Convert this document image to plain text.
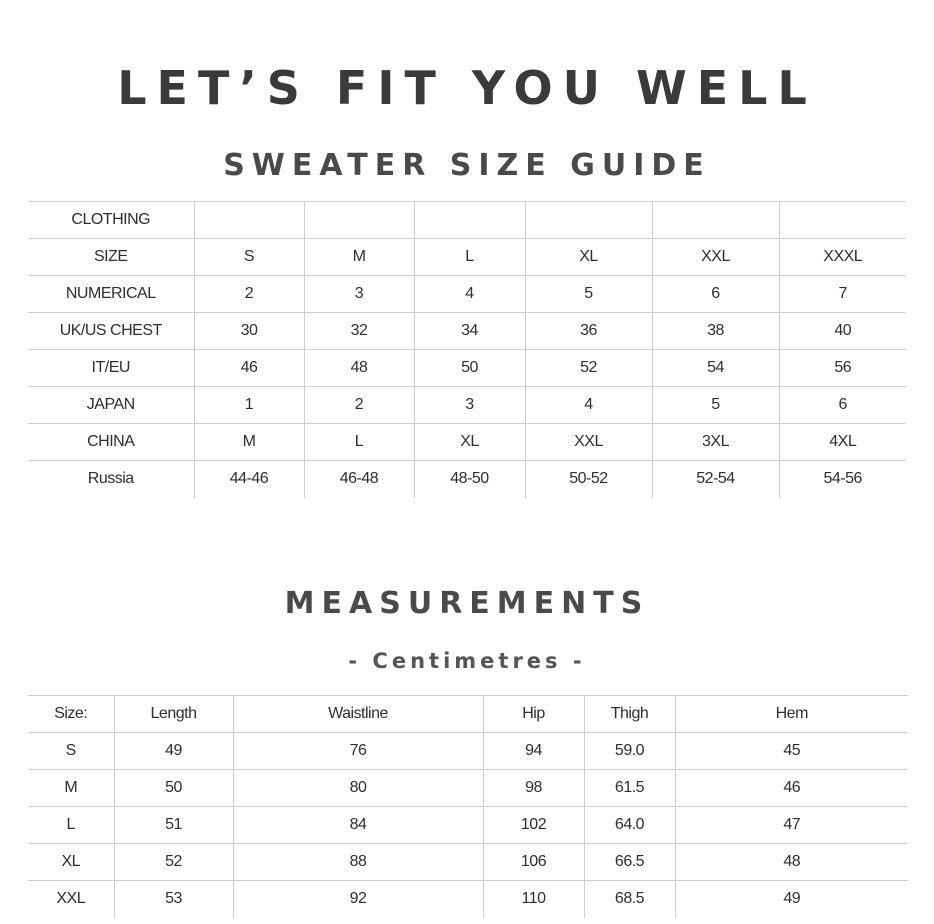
LET’S FIT YOU WELL
SWEATER SIZE GUIDE
CLOTHING						
SIZE	S	M	L	XL	XXL	XXXL
NUMERICAL	2	3	4	5	6	7
UK/US CHEST	30	32	34	36	38	40
IT/EU	46	48	50	52	54	56
JAPAN	1	2	3	4	5	6
CHINA	M	L	XL	XXL	3XL	4XL
Russia	44-46	46-48	48-50	50-52	52-54	54-56
MEASUREMENTS
- Centimetres -
Size:	Length	Waistline	Hip	Thigh	Hem
S	49	76	94	59.0	45
M	50	80	98	61.5	46
L	51	84	102	64.0	47
XL	52	88	106	66.5	48
XXL	53	92	110	68.5	49
